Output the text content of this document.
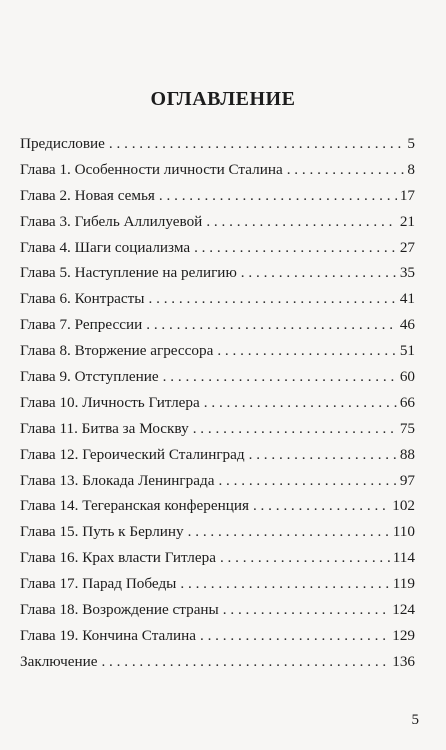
ОГЛАВЛЕНИЕ
Предисловие . . .	5
Глава 1. Особенности личности Сталина . . .	8
Глава 2. Новая семья . . .	17
Глава 3. Гибель Аллилуевой . . .	21
Глава 4. Шаги социализма . . .	27
Глава 5. Наступление на религию . . .	35
Глава 6. Контрасты . . .	41
Глава 7. Репрессии . . .	46
Глава 8. Вторжение агрессора . . .	51
Глава 9. Отступление . . .	60
Глава 10. Личность Гитлера . . .	66
Глава 11. Битва за Москву . . .	75
Глава 12. Героический Сталинград . . .	88
Глава 13. Блокада Ленинграда . . .	97
Глава 14. Тегеранская конференция . . .	102
Глава 15. Путь к Берлину . . .	110
Глава 16. Крах власти Гитлера . . .	114
Глава 17. Парад Победы . . .	119
Глава 18. Возрождение страны . . .	124
Глава 19. Кончина Сталина . . .	129
Заключение . . .	136

5
